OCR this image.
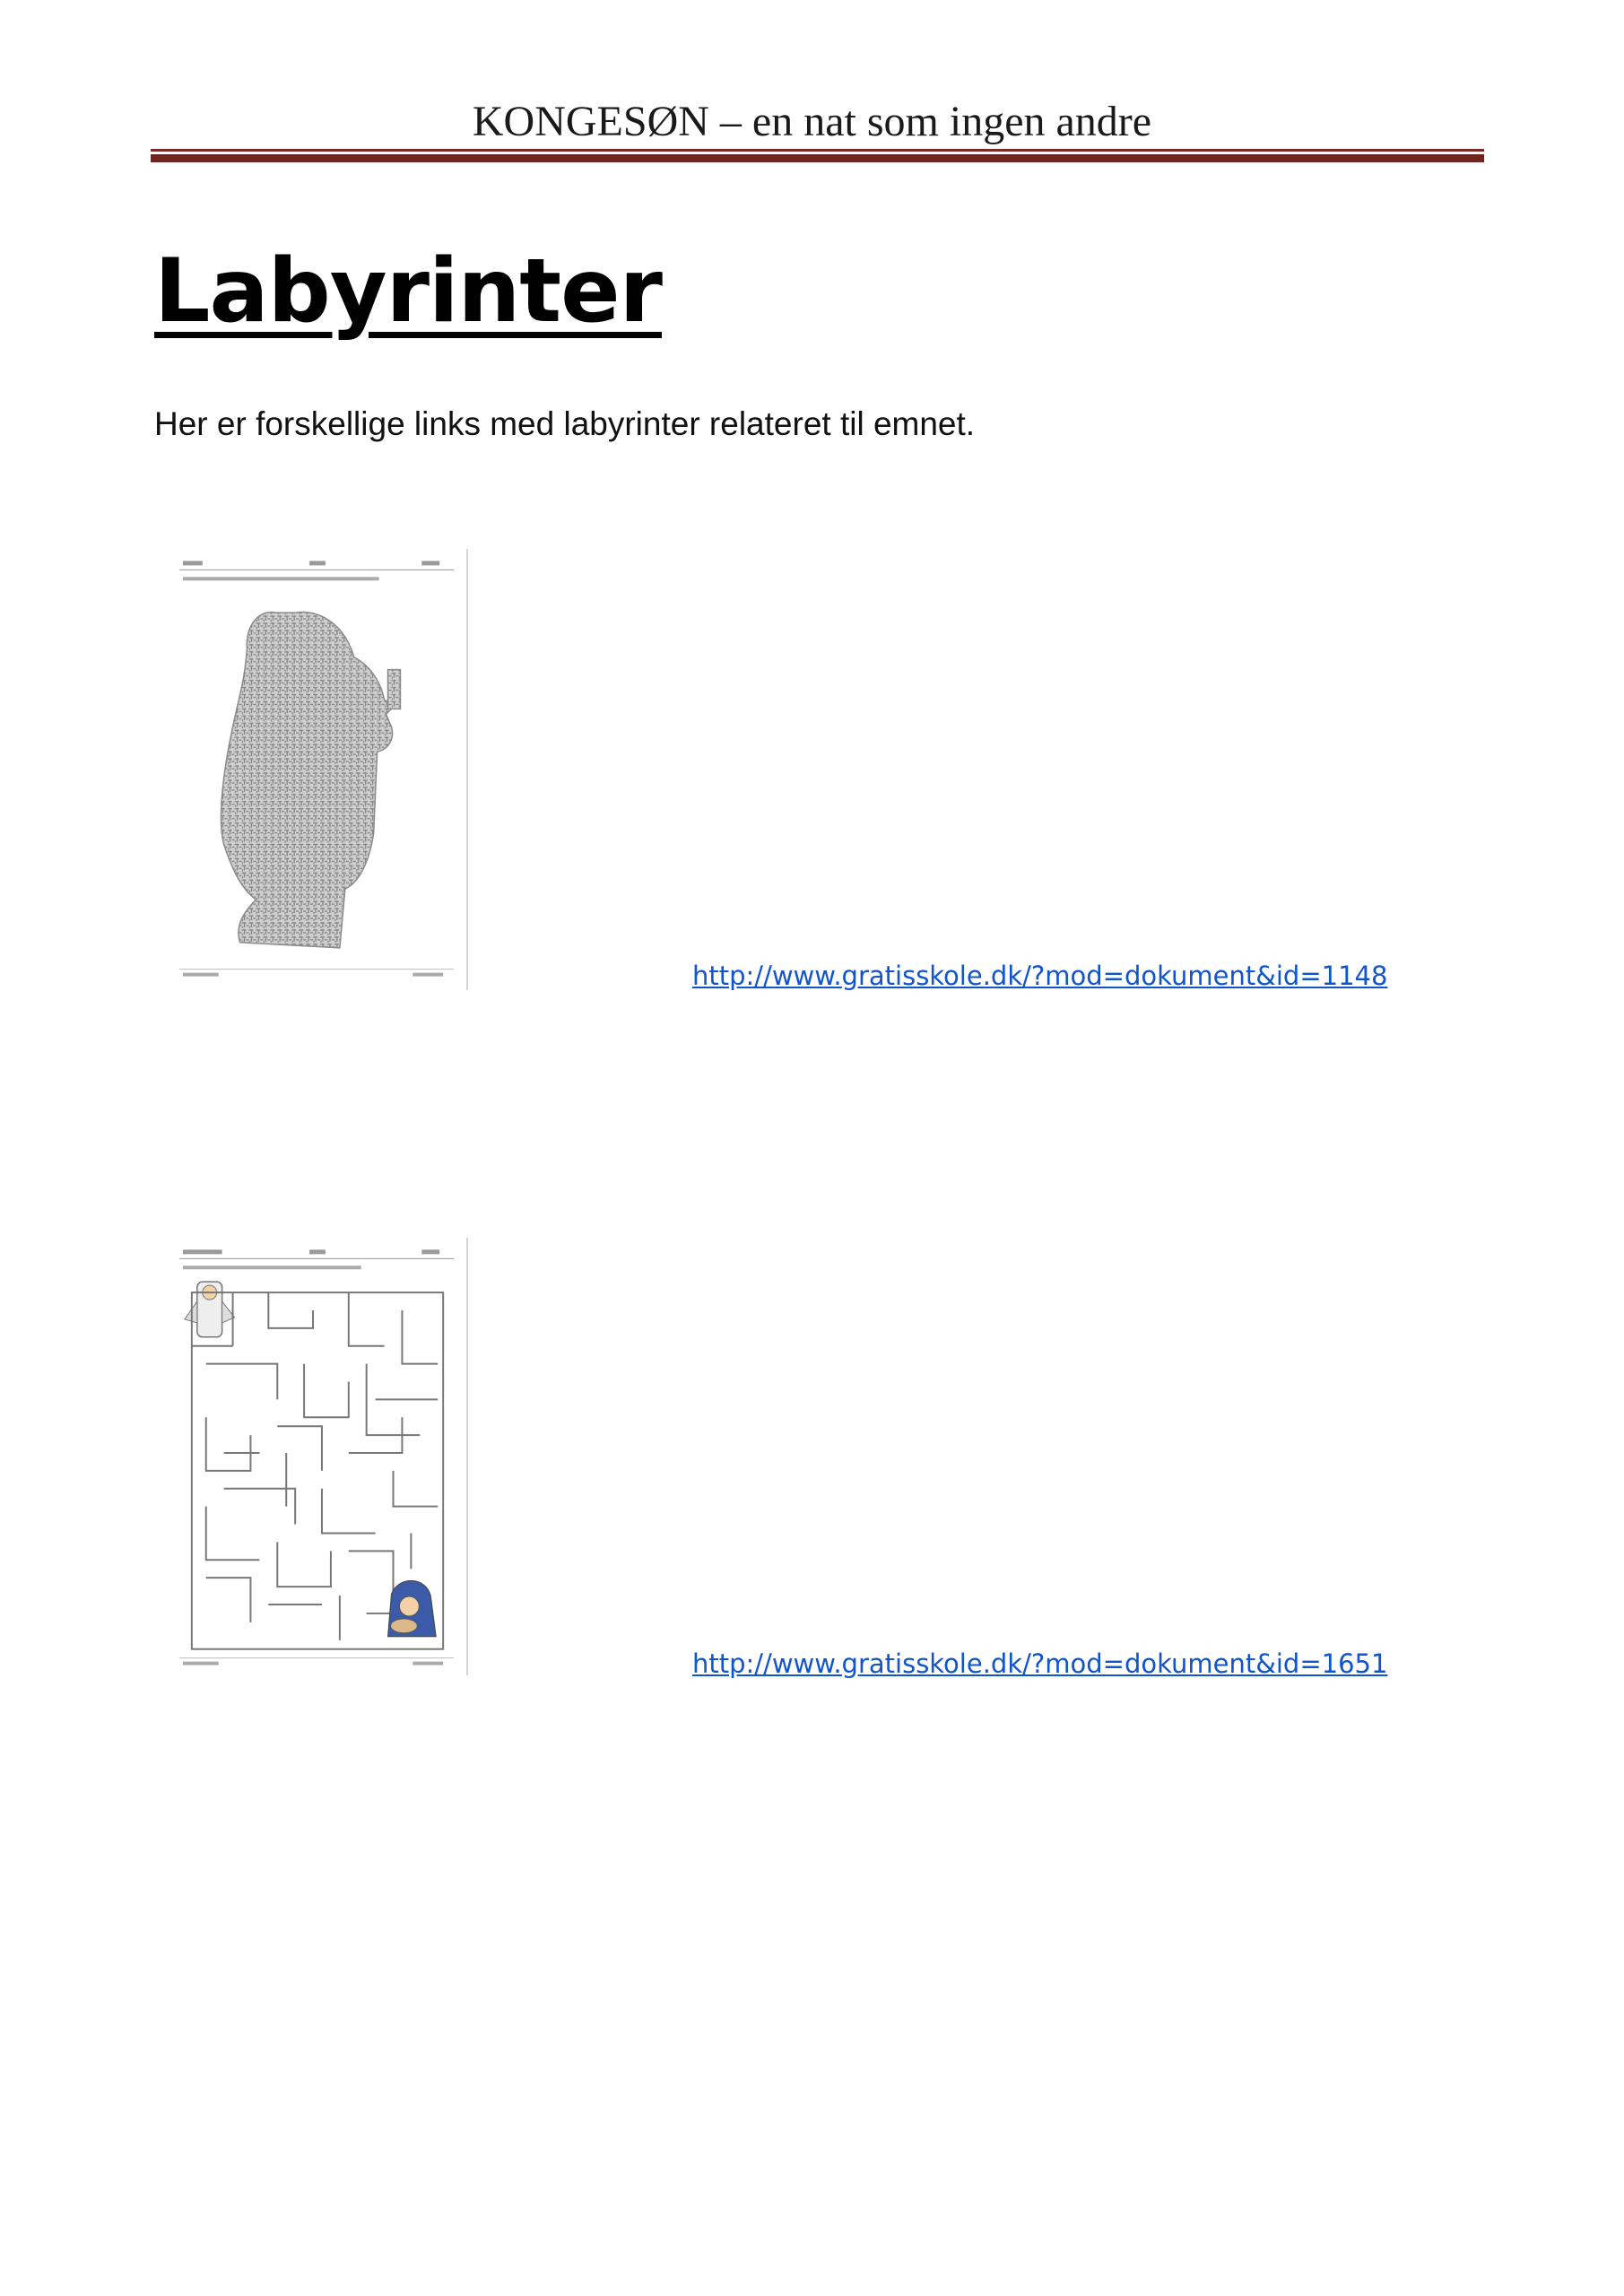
KONGESØN – en nat som ingen andre
Labyrinter
Her er forskellige links med labyrinter relateret til emnet.
http://www.gratisskole.dk/?mod=dokument&id=1148
http://www.gratisskole.dk/?mod=dokument&id=1651
